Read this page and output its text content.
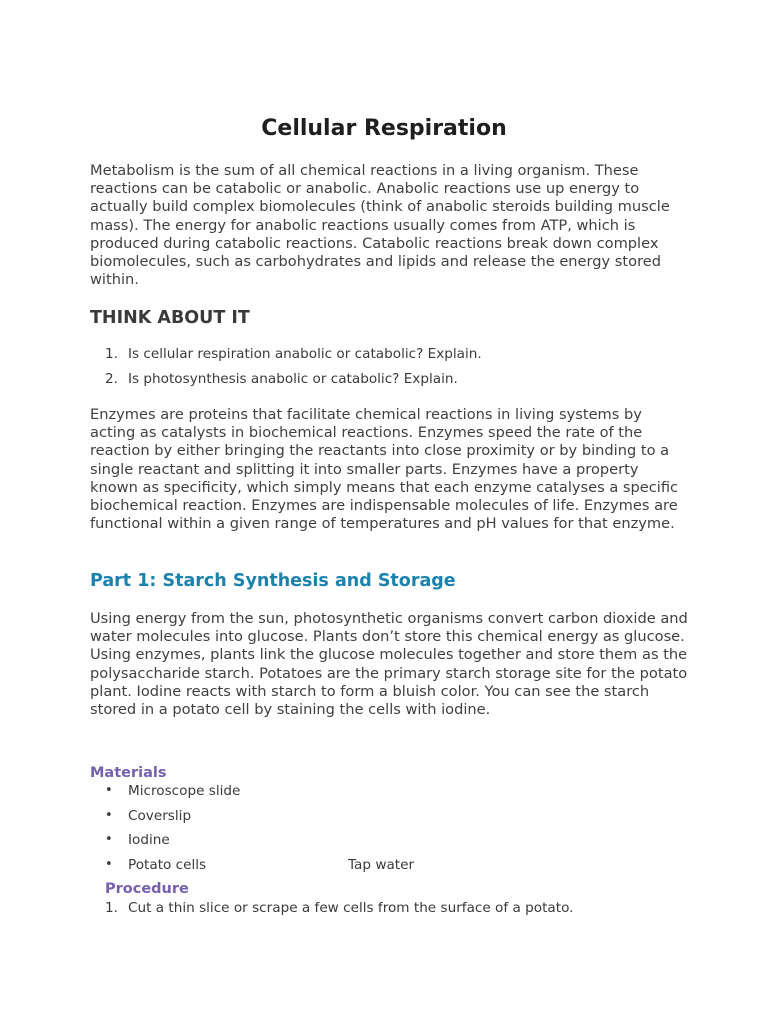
Cellular Respiration

Metabolism is the sum of all chemical reactions in a living organism. These reactions can be catabolic or anabolic. Anabolic reactions use up energy to actually build complex biomolecules (think of anabolic steroids building muscle mass). The energy for anabolic reactions usually comes from ATP, which is produced during catabolic reactions. Catabolic reactions break down complex biomolecules, such as carbohydrates and lipids and release the energy stored within.

THINK ABOUT IT
1. Is cellular respiration anabolic or catabolic? Explain.
2. Is photosynthesis anabolic or catabolic? Explain.

Enzymes are proteins that facilitate chemical reactions in living systems by acting as catalysts in biochemical reactions. Enzymes speed the rate of the reaction by either bringing the reactants into close proximity or by binding to a single reactant and splitting it into smaller parts. Enzymes have a property known as specificity, which simply means that each enzyme catalyses a specific biochemical reaction. Enzymes are indispensable molecules of life. Enzymes are functional within a given range of temperatures and pH values for that enzyme.

Part 1: Starch Synthesis and Storage

Using energy from the sun, photosynthetic organisms convert carbon dioxide and water molecules into glucose. Plants don’t store this chemical energy as glucose. Using enzymes, plants link the glucose molecules together and store them as the polysaccharide starch. Potatoes are the primary starch storage site for the potato plant. Iodine reacts with starch to form a bluish color. You can see the starch stored in a potato cell by staining the cells with iodine.

Materials
• Microscope slide
• Coverslip
• Iodine
• Potato cells	Tap water
Procedure
1. Cut a thin slice or scrape a few cells from the surface of a potato.
